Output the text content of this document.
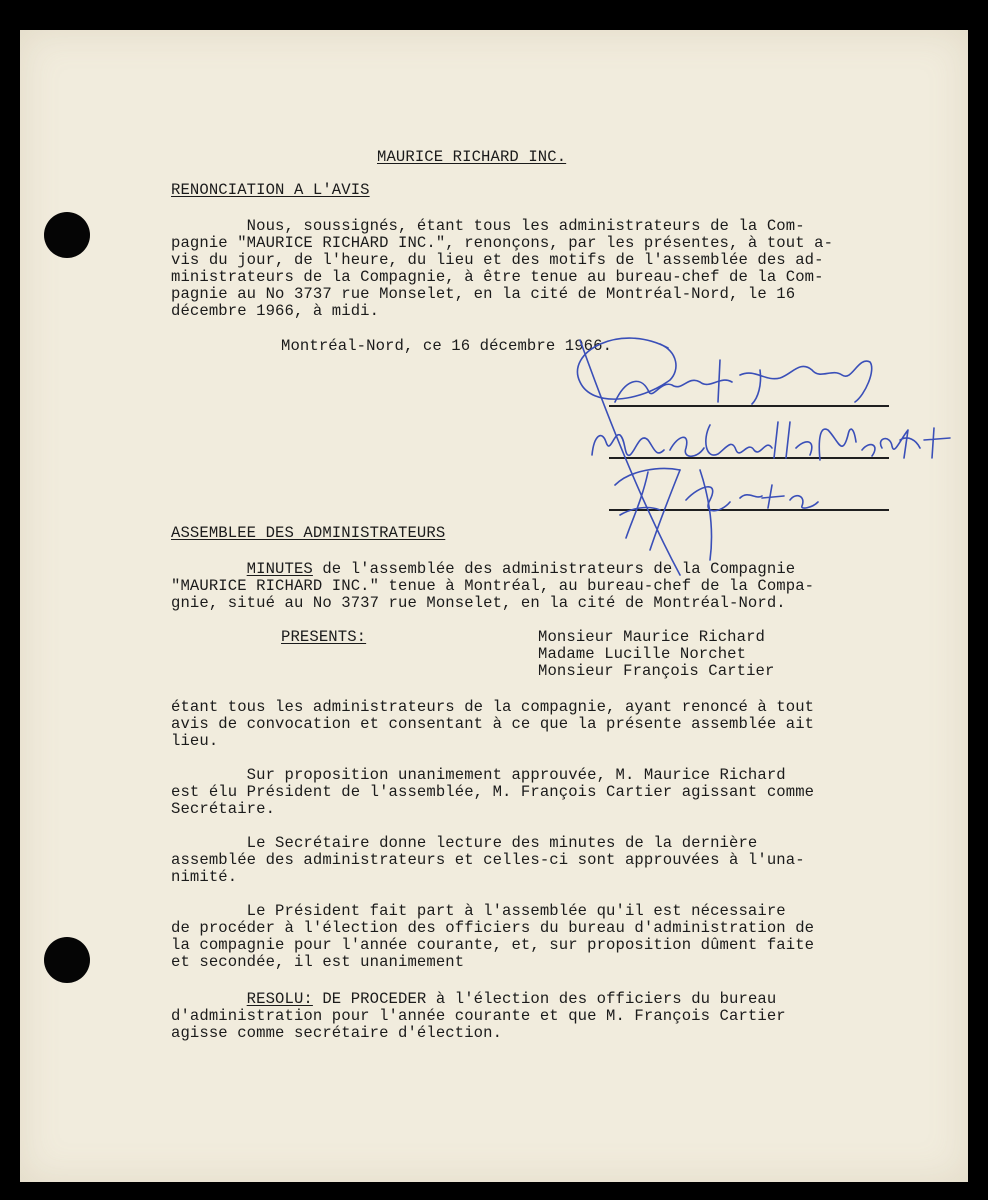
MAURICE RICHARD INC.
RENONCIATION A L'AVIS
Nous, soussignés, étant tous les administrateurs de la Com-
pagnie "MAURICE RICHARD INC.", renonçons, par les présentes, à tout a-
vis du jour, de l'heure, du lieu et des motifs de l'assemblée des ad-
ministrateurs de la Compagnie, à être tenue au bureau-chef de la Com-
pagnie au No 3737 rue Monselet, en la cité de Montréal-Nord, le 16
décembre 1966, à midi.
Montréal-Nord, ce 16 décembre 1966.
ASSEMBLEE DES ADMINISTRATEURS
MINUTES de l'assemblée des administrateurs de la Compagnie
"MAURICE RICHARD INC." tenue à Montréal, au bureau-chef de la Compa-
gnie, situé au No 3737 rue Monselet, en la cité de Montréal-Nord.
PRESENTS:	Monsieur Maurice Richard
Madame Lucille Norchet
Monsieur François Cartier
étant tous les administrateurs de la compagnie, ayant renoncé à tout
avis de convocation et consentant à ce que la présente assemblée ait
lieu.
Sur proposition unanimement approuvée, M. Maurice Richard
est élu Président de l'assemblée, M. François Cartier agissant comme
Secrétaire.
Le Secrétaire donne lecture des minutes de la dernière
assemblée des administrateurs et celles-ci sont approuvées à l'una-
nimité.
Le Président fait part à l'assemblée qu'il est nécessaire
de procéder à l'élection des officiers du bureau d'administration de
la compagnie pour l'année courante, et, sur proposition dûment faite
et secondée, il est unanimement
RESOLU: DE PROCEDER à l'élection des officiers du bureau
d'administration pour l'année courante et que M. François Cartier
agisse comme secrétaire d'élection.
